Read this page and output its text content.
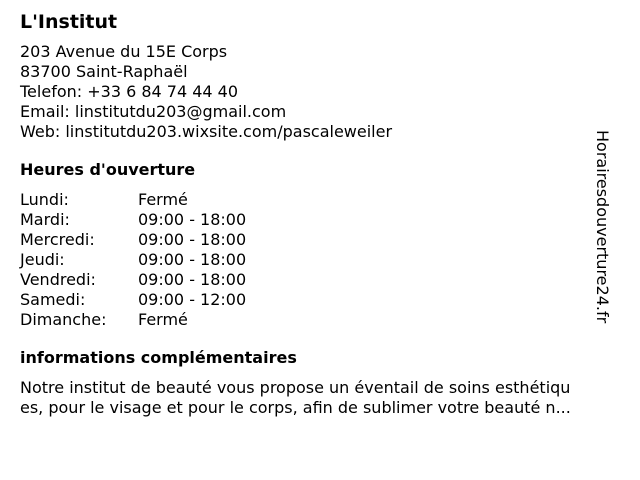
L'Institut
203 Avenue du 15E Corps
83700 Saint-Raphaël
Telefon: +33 6 84 74 44 40
Email: linstitutdu203@gmail.com
Web: linstitutdu203.wixsite.com/pascaleweiler
Heures d'ouverture
Lundi:	Fermé
Mardi:	09:00 - 18:00
Mercredi:	09:00 - 18:00
Jeudi:	09:00 - 18:00
Vendredi:	09:00 - 18:00
Samedi:	09:00 - 12:00
Dimanche:	Fermé
informations complémentaires
Notre institut de beauté vous propose un éventail de soins esthétiqu
es, pour le visage et pour le corps, afin de sublimer votre beauté n...
Horairesdouverture24.fr
